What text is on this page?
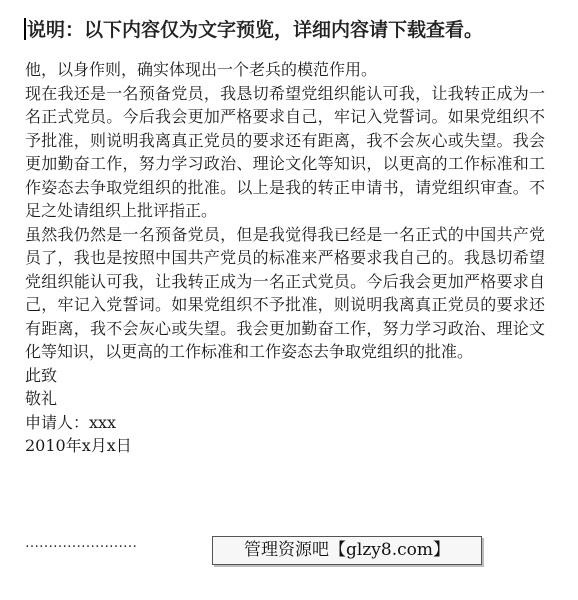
说明：以下内容仅为文字预览，详细内容请下载查看。

他，以身作则，确实体现出一个老兵的模范作用。

现在我还是一名预备党员，我恳切希望党组织能认可我，让我转正成为一名正式党员。今后我会更加严格要求自己，牢记入党誓词。如果党组织不予批准，则说明我离真正党员的要求还有距离，我不会灰心或失望。我会更加勤奋工作，努力学习政治、理论文化等知识，以更高的工作标准和工作姿态去争取党组织的批准。以上是我的转正申请书，请党组织审查。不足之处请组织上批评指正。

虽然我仍然是一名预备党员，但是我觉得我已经是一名正式的中国共产党员了，我也是按照中国共产党员的标准来严格要求我自己的。我恳切希望党组织能认可我，让我转正成为一名正式党员。今后我会更加严格要求自己，牢记入党誓词。如果党组织不予批准，则说明我离真正党员的要求还有距离，我不会灰心或失望。我会更加勤奋工作，努力学习政治、理论文化等知识，以更高的工作标准和工作姿态去争取党组织的批准。

此致

敬礼

申请人：xxx

2010年x月x日

……………………	管理资源吧【glzy8.com】
